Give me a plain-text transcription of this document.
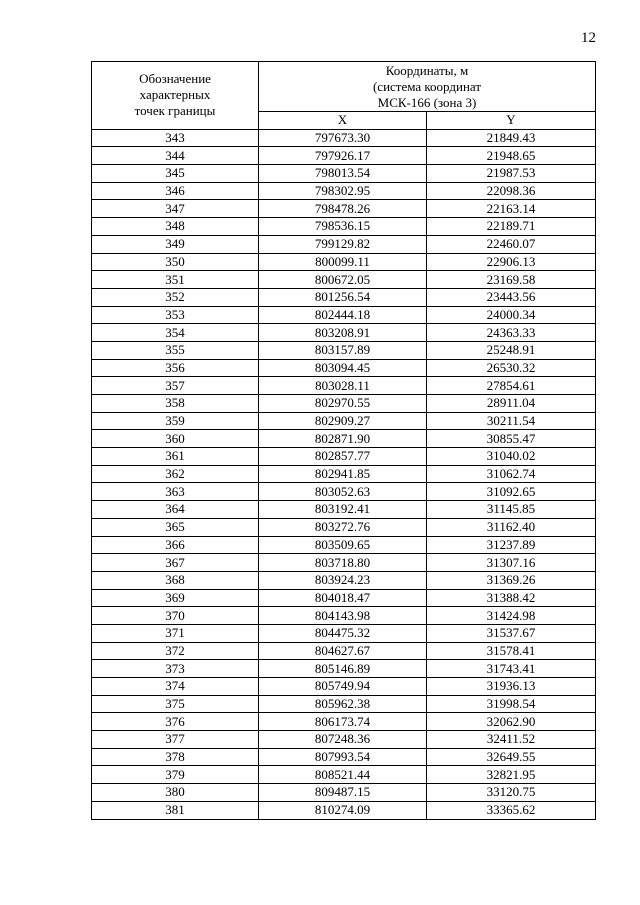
12
Обозначение
характерных
точек границы	Координаты, м
(система координат
МСК-166 (зона 3)	
	X	Y
343	797673.30	21849.43
344	797926.17	21948.65
345	798013.54	21987.53
346	798302.95	22098.36
347	798478.26	22163.14
348	798536.15	22189.71
349	799129.82	22460.07
350	800099.11	22906.13
351	800672.05	23169.58
352	801256.54	23443.56
353	802444.18	24000.34
354	803208.91	24363.33
355	803157.89	25248.91
356	803094.45	26530.32
357	803028.11	27854.61
358	802970.55	28911.04
359	802909.27	30211.54
360	802871.90	30855.47
361	802857.77	31040.02
362	802941.85	31062.74
363	803052.63	31092.65
364	803192.41	31145.85
365	803272.76	31162.40
366	803509.65	31237.89
367	803718.80	31307.16
368	803924.23	31369.26
369	804018.47	31388.42
370	804143.98	31424.98
371	804475.32	31537.67
372	804627.67	31578.41
373	805146.89	31743.41
374	805749.94	31936.13
375	805962.38	31998.54
376	806173.74	32062.90
377	807248.36	32411.52
378	807993.54	32649.55
379	808521.44	32821.95
380	809487.15	33120.75
381	810274.09	33365.62
